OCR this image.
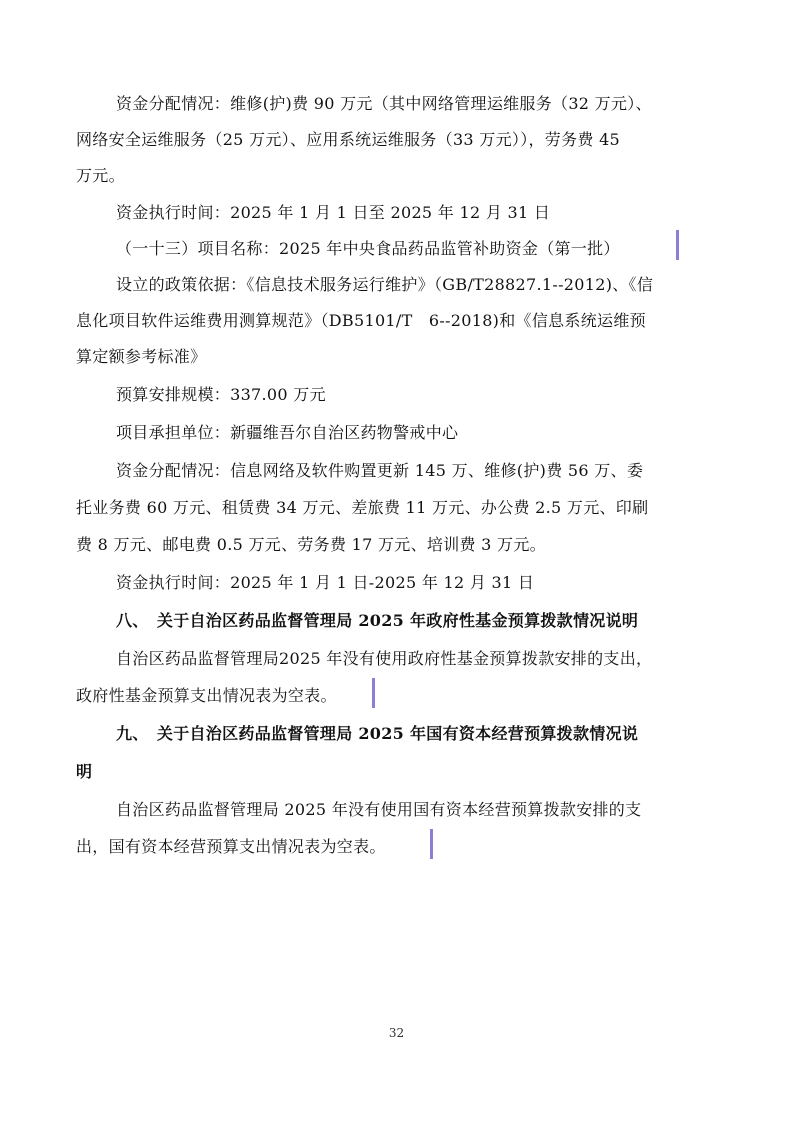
资金分配情况：维修(护)费 90 万元（其中网络管理运维服务（32 万元）、
网络安全运维服务（25 万元）、应用系统运维服务（33 万元）），劳务费 45
万元。
资金执行时间：2025 年 1 月 1 日至 2025 年 12 月 31 日
（一十三）项目名称：2025 年中央食品药品监管补助资金（第一批）
设立的政策依据：《信息技术服务运行维护》（GB/T28827.1--2012)、《信
息化项目软件运维费用测算规范》（DB5101/T　6--2018)和《信息系统运维预
算定额参考标准》
预算安排规模：337.00 万元
项目承担单位：新疆维吾尔自治区药物警戒中心
资金分配情况：信息网络及软件购置更新 145 万、维修(护)费 56 万、委
托业务费 60 万元、租赁费 34 万元、差旅费 11 万元、办公费 2.5 万元、印刷
费 8 万元、邮电费 0.5 万元、劳务费 17 万元、培训费 3 万元。
资金执行时间：2025 年 1 月 1 日-2025 年 12 月 31 日
八、　关于自治区药品监督管理局 2025 年政府性基金预算拨款情况说明
自治区药品监督管理局2025 年没有使用政府性基金预算拨款安排的支出，
政府性基金预算支出情况表为空表。
九、　关于自治区药品监督管理局 2025 年国有资本经营预算拨款情况说
明
自治区药品监督管理局 2025 年没有使用国有资本经营预算拨款安排的支
出，国有资本经营预算支出情况表为空表。
32
